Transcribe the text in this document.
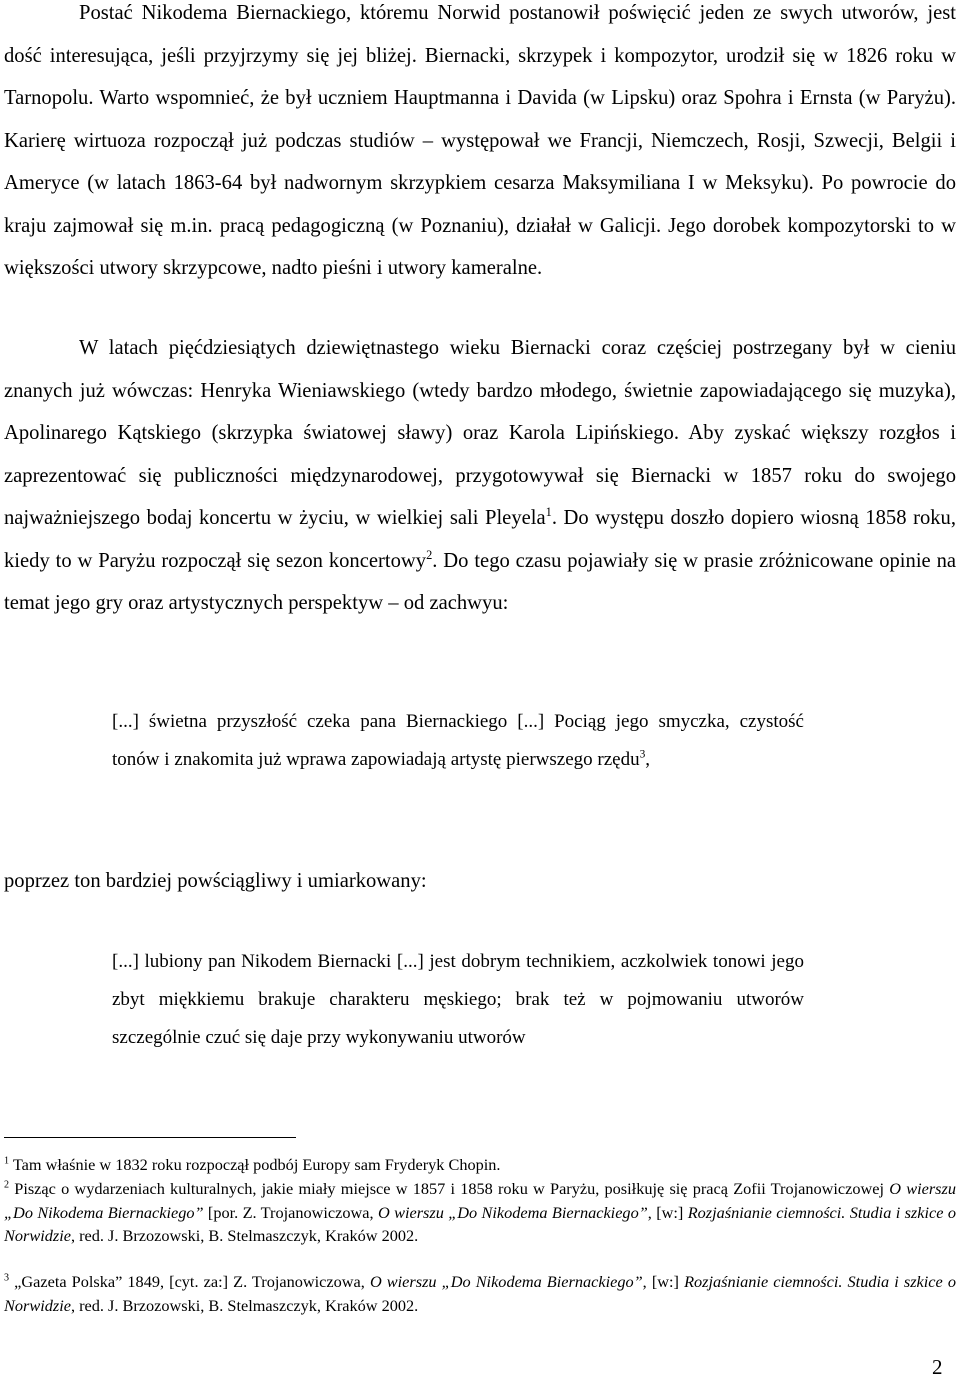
Postać Nikodema Biernackiego, któremu Norwid postanowił poświęcić jeden ze swych utworów, jest dość interesująca, jeśli przyjrzymy się jej bliżej. Biernacki, skrzypek i kompozytor, urodził się w 1826 roku w Tarnopolu. Warto wspomnieć, że był uczniem Hauptmanna i Davida (w Lipsku) oraz Spohra i Ernsta (w Paryżu). Karierę wirtuoza rozpoczął już podczas studiów – występował we Francji, Niemczech, Rosji, Szwecji, Belgii i Ameryce (w latach 1863-64 był nadwornym skrzypkiem cesarza Maksymiliana I w Meksyku). Po powrocie do kraju zajmował się m.in. pracą pedagogiczną (w Poznaniu), działał w Galicji. Jego dorobek kompozytorski to w większości utwory skrzypcowe, nadto pieśni i utwory kameralne.

W latach pięćdziesiątych dziewiętnastego wieku Biernacki coraz częściej postrzegany był w cieniu znanych już wówczas: Henryka Wieniawskiego (wtedy bardzo młodego, świetnie zapowiadającego się muzyka), Apolinarego Kątskiego (skrzypka światowej sławy) oraz Karola Lipińskiego. Aby zyskać większy rozgłos i zaprezentować się publiczności międzynarodowej, przygotowywał się Biernacki w 1857 roku do swojego najważniejszego bodaj koncertu w życiu, w wielkiej sali Pleyela$^1$. Do występu doszło dopiero wiosną 1858 roku, kiedy to w Paryżu rozpoczął się sezon koncertowy$^2$. Do tego czasu pojawiały się w prasie zróżnicowane opinie na temat jego gry oraz artystycznych perspektyw – od zachwyu:

[...] świetna przyszłość czeka pana Biernackiego [...] Pociąg jego smyczka, czystość tonów i znakomita już wprawa zapowiadają artystę pierwszego rzędu$^3$,

poprzez ton bardziej powściągliwy i umiarkowany:

[...] lubiony pan Nikodem Biernacki [...] jest dobrym technikiem, aczkolwiek tonowi jego zbyt miękkiemu brakuje charakteru męskiego; brak też w pojmowaniu utworów szczególnie czuć się daje przy wykonywaniu utworów

$^1$ Tam właśnie w 1832 roku rozpoczął podbój Europy sam Fryderyk Chopin.

$^2$ Pisząc o wydarzeniach kulturalnych, jakie miały miejsce w 1857 i 1858 roku w Paryżu, posiłkuję się pracą Zofii Trojanowiczowej O wierszu „Do Nikodema Biernackiego” [por. Z. Trojanowiczowa, O wierszu „Do Nikodema Biernackiego”, [w:] Rozjaśnianie ciemności. Studia i szkice o Norwidzie, red. J. Brzozowski, B. Stelmaszczyk, Kraków 2002.

$^3$ „Gazeta Polska” 1849, [cyt. za:] Z. Trojanowiczowa, O wierszu „Do Nikodema Biernackiego”, [w:] Rozjaśnianie ciemności. Studia i szkice o Norwidzie, red. J. Brzozowski, B. Stelmaszczyk, Kraków 2002.

2
